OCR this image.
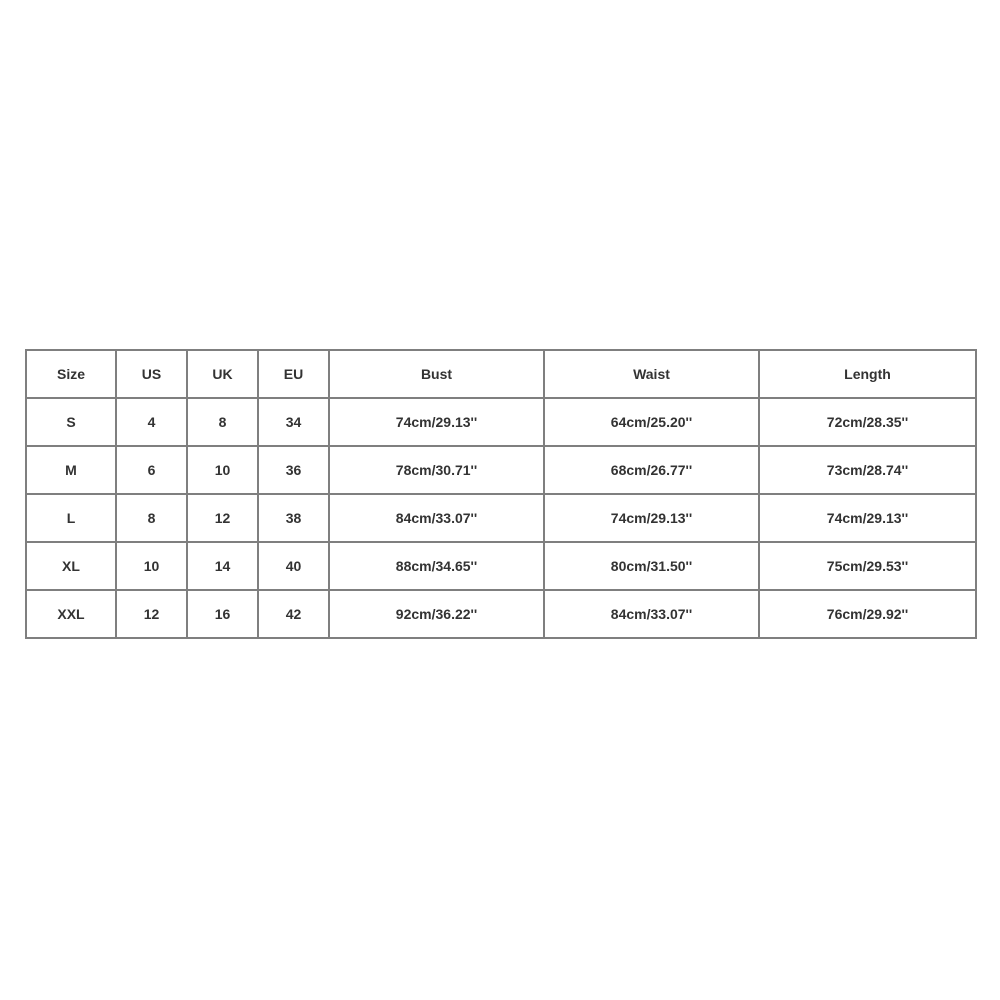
Size	US	UK	EU	Bust	Waist	Length
S	4	8	34	74cm/29.13''	64cm/25.20''	72cm/28.35''
M	6	10	36	78cm/30.71''	68cm/26.77''	73cm/28.74''
L	8	12	38	84cm/33.07''	74cm/29.13''	74cm/29.13''
XL	10	14	40	88cm/34.65''	80cm/31.50''	75cm/29.53''
XXL	12	16	42	92cm/36.22''	84cm/33.07''	76cm/29.92''
